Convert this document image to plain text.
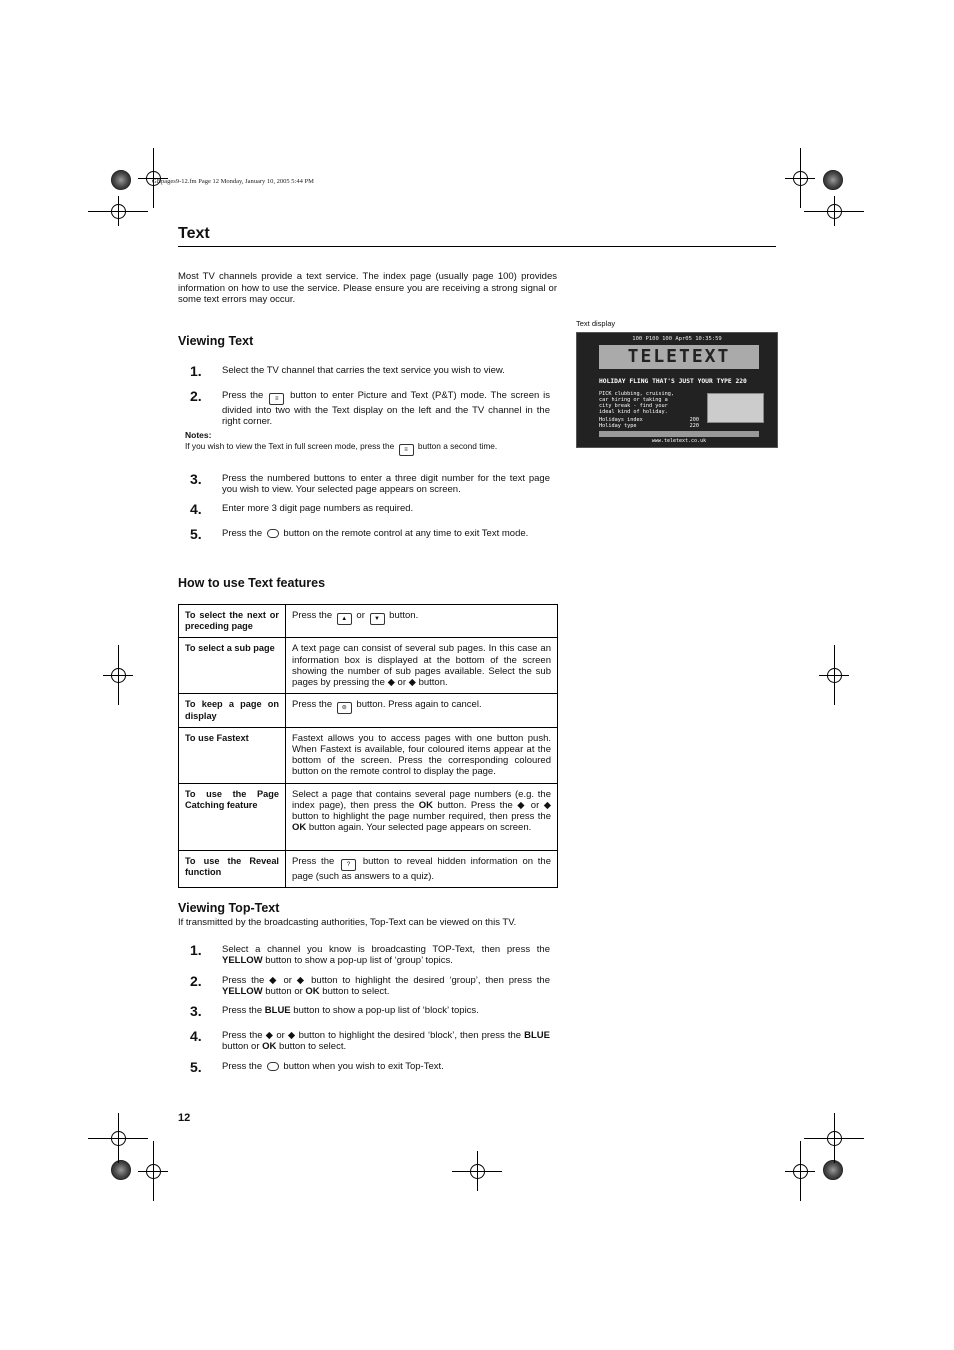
GBpages9-12.fm Page 12 Monday, January 10, 2005 5:44 PM
Text
Most TV channels provide a text service. The index page (usually page 100) provides information on how to use the service. Please ensure you are receiving a strong signal or some text errors may occur.
Viewing Text
1. Select the TV channel that carries the text service you wish to view.
2. Press the ≡ button to enter Picture and Text (P&T) mode. The screen is divided into two with the Text display on the left and the TV channel in the right corner.
Notes:
If you wish to view the Text in full screen mode, press the ≡ button a second time.
3. Press the numbered buttons to enter a three digit number for the text page you wish to view. Your selected page appears on screen.
4. Enter more 3 digit page numbers as required.
5. Press the button on the remote control at any time to exit Text mode.
Text display
100 P100 100 Apr05 10:35:59
TELETEXT
HOLIDAY FLING THAT'S JUST YOUR TYPE 220
PICK clubbing, cruising,
car hiring or taking a
city break - find your
ideal kind of holiday.
Holidays index	200
Holiday type	220
www.teletext.co.uk
How to use Text features
To select the next or preceding page	Press the ▲ or ▼ button.
To select a sub page	A text page can consist of several sub pages. In this case an information box is displayed at the bottom of the screen showing the number of sub pages available. Select the sub pages by pressing the ◆ or ◆ button.
To keep a page on display	Press the ⊜ button. Press again to cancel.
To use Fastext	Fastext allows you to access pages with one button push. When Fastext is available, four coloured items appear at the bottom of the screen. Press the corresponding coloured button on the remote control to display the page.
To use the Page Catching feature	Select a page that contains several page numbers (e.g. the index page), then press the OK button. Press the ◆ or ◆ button to highlight the page number required, then press the OK button again. Your selected page appears on screen.
To use the Reveal function	Press the ? button to reveal hidden information on the page (such as answers to a quiz).
Viewing Top-Text
If transmitted by the broadcasting authorities, Top-Text can be viewed on this TV.
1. Select a channel you know is broadcasting TOP-Text, then press the YELLOW button to show a pop-up list of ‘group’ topics.
2. Press the ◆ or ◆ button to highlight the desired ‘group’, then press the YELLOW button or OK button to select.
3. Press the BLUE button to show a pop-up list of ‘block’ topics.
4. Press the ◆ or ◆ button to highlight the desired ‘block’, then press the BLUE button or OK button to select.
5. Press the  button when you wish to exit Top-Text.
12
